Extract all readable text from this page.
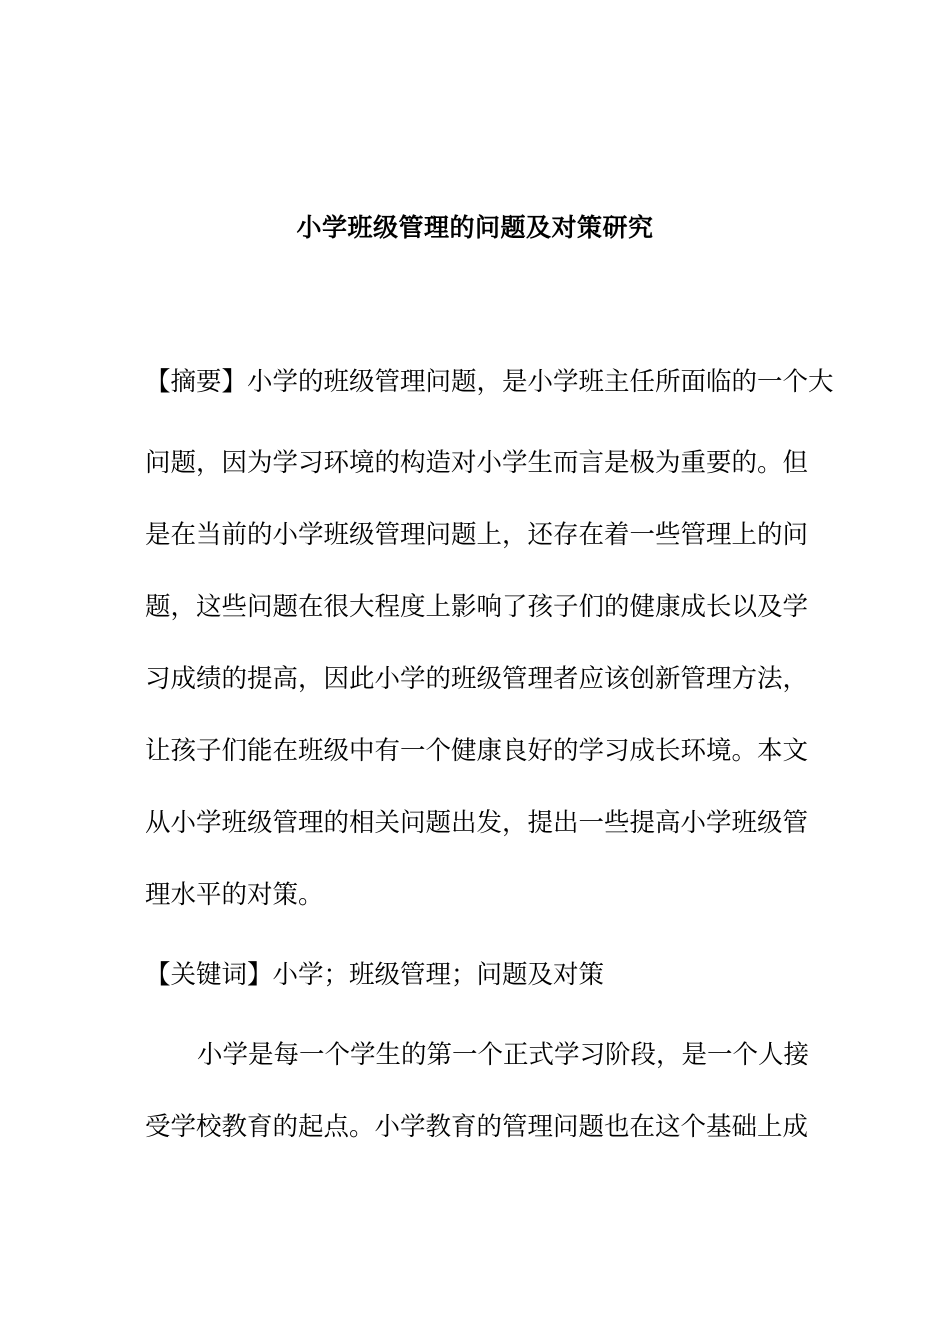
小学班级管理的问题及对策研究
【摘要】小学的班级管理问题，是小学班主任所面临的一个大
问题，因为学习环境的构造对小学生而言是极为重要的。但
是在当前的小学班级管理问题上，还存在着一些管理上的问
题，这些问题在很大程度上影响了孩子们的健康成长以及学
习成绩的提高，因此小学的班级管理者应该创新管理方法，
让孩子们能在班级中有一个健康良好的学习成长环境。本文
从小学班级管理的相关问题出发，提出一些提高小学班级管
理水平的对策。
【关键词】小学；班级管理；问题及对策
小学是每一个学生的第一个正式学习阶段，是一个人接
受学校教育的起点。小学教育的管理问题也在这个基础上成
